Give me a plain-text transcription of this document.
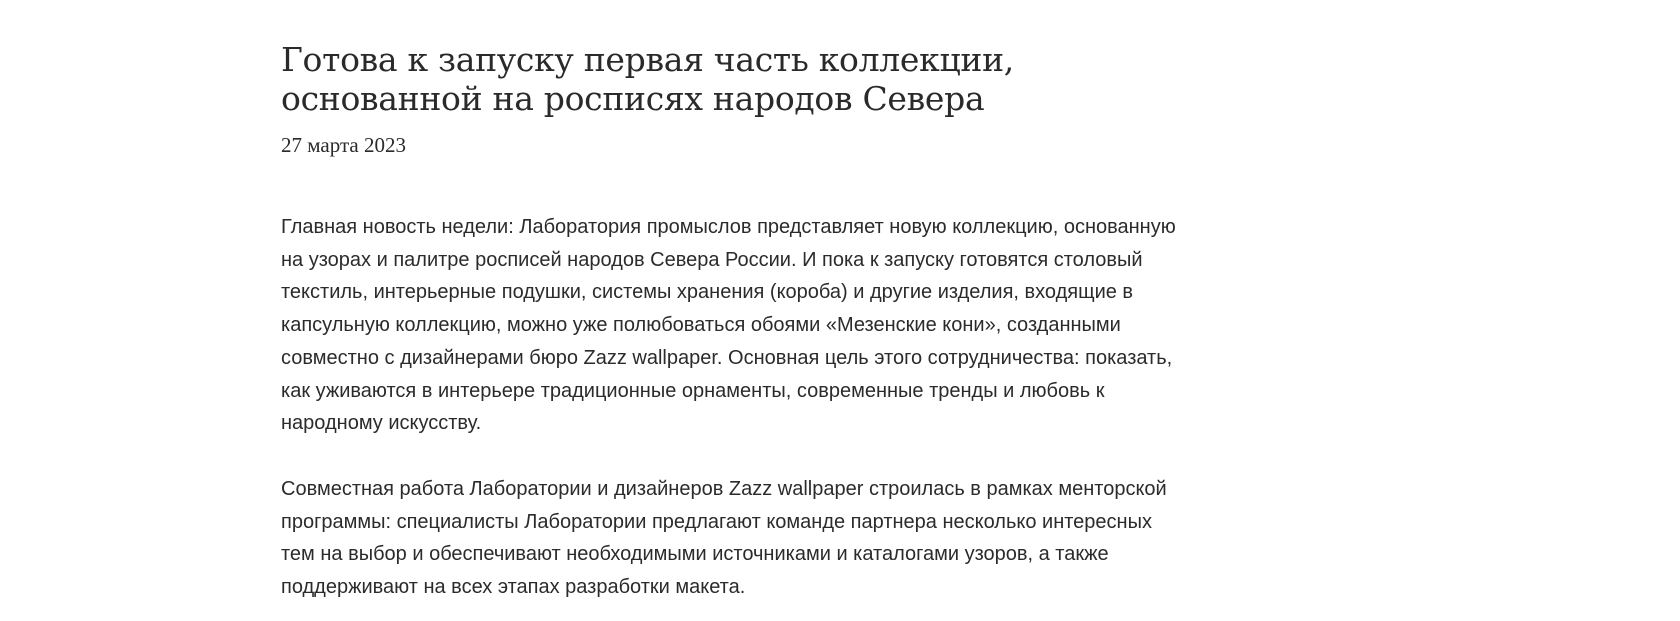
Готова к запуску первая часть коллекции, основанной на росписях народов Севера
27 марта 2023

Главная новость недели: Лаборатория промыслов представляет новую коллекцию, основанную на узорах и палитре росписей народов Севера России. И пока к запуску готовятся столовый текстиль, интерьерные подушки, системы хранения (короба) и другие изделия, входящие в капсульную коллекцию, можно уже полюбоваться обоями «Мезенские кони», созданными совместно с дизайнерами бюро Zazz wallpaper. Основная цель этого сотрудничества: показать, как уживаются в интерьере традиционные орнаменты, современные тренды и любовь к народному искусству.

Совместная работа Лаборатории и дизайнеров Zazz wallpaper строилась в рамках менторской программы: специалисты Лаборатории предлагают команде партнера несколько интересных тем на выбор и обеспечивают необходимыми источниками и каталогами узоров, а также поддерживают на всех этапах разработки макета.
